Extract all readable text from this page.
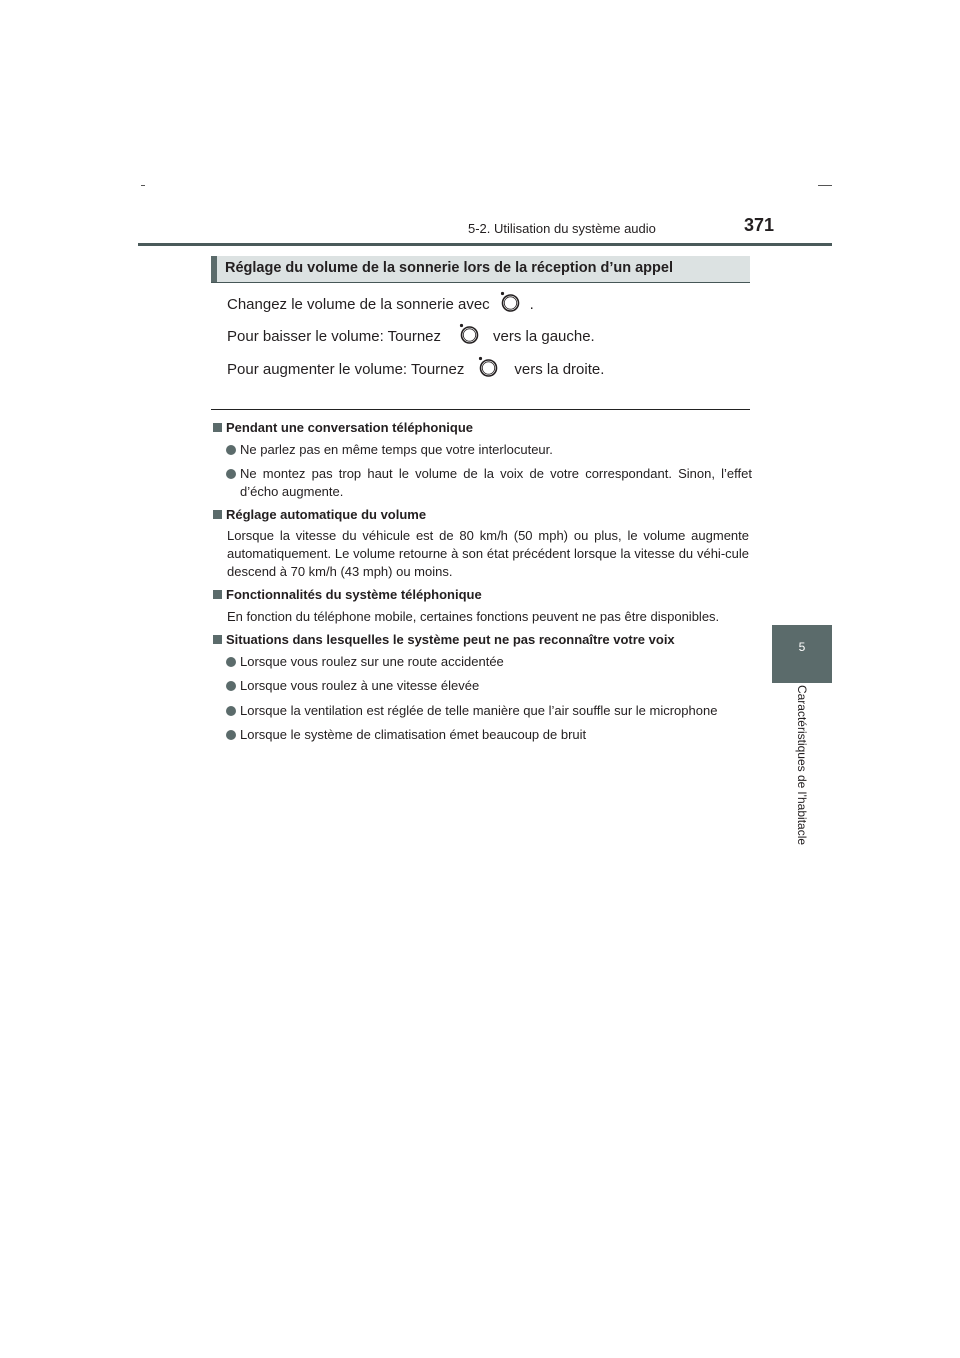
5-2. Utilisation du système audio	371
5
Caractéristiques de l’habitacle
Réglage du volume de la sonnerie lors de la réception d’un appel
Changez le volume de la sonnerie avec	.
Pour baisser le volume: Tournez	vers la gauche.
Pour augmenter le volume: Tournez	vers la droite.
Pendant une conversation téléphonique
Ne parlez pas en même temps que votre interlocuteur.
Ne montez pas trop haut le volume de la voix de votre correspondant. Sinon, l’effet d’écho augmente.
Réglage automatique du volume
Lorsque la vitesse du véhicule est de 80 km/h (50 mph) ou plus, le volume augmente automatiquement. Le volume retourne à son état précédent lorsque la vitesse du véhi-cule descend à 70 km/h (43 mph) ou moins.
Fonctionnalités du système téléphonique
En fonction du téléphone mobile, certaines fonctions peuvent ne pas être disponibles.
Situations dans lesquelles le système peut ne pas reconnaître votre voix
Lorsque vous roulez sur une route accidentée
Lorsque vous roulez à une vitesse élevée
Lorsque la ventilation est réglée de telle manière que l’air souffle sur le microphone
Lorsque le système de climatisation émet beaucoup de bruit
